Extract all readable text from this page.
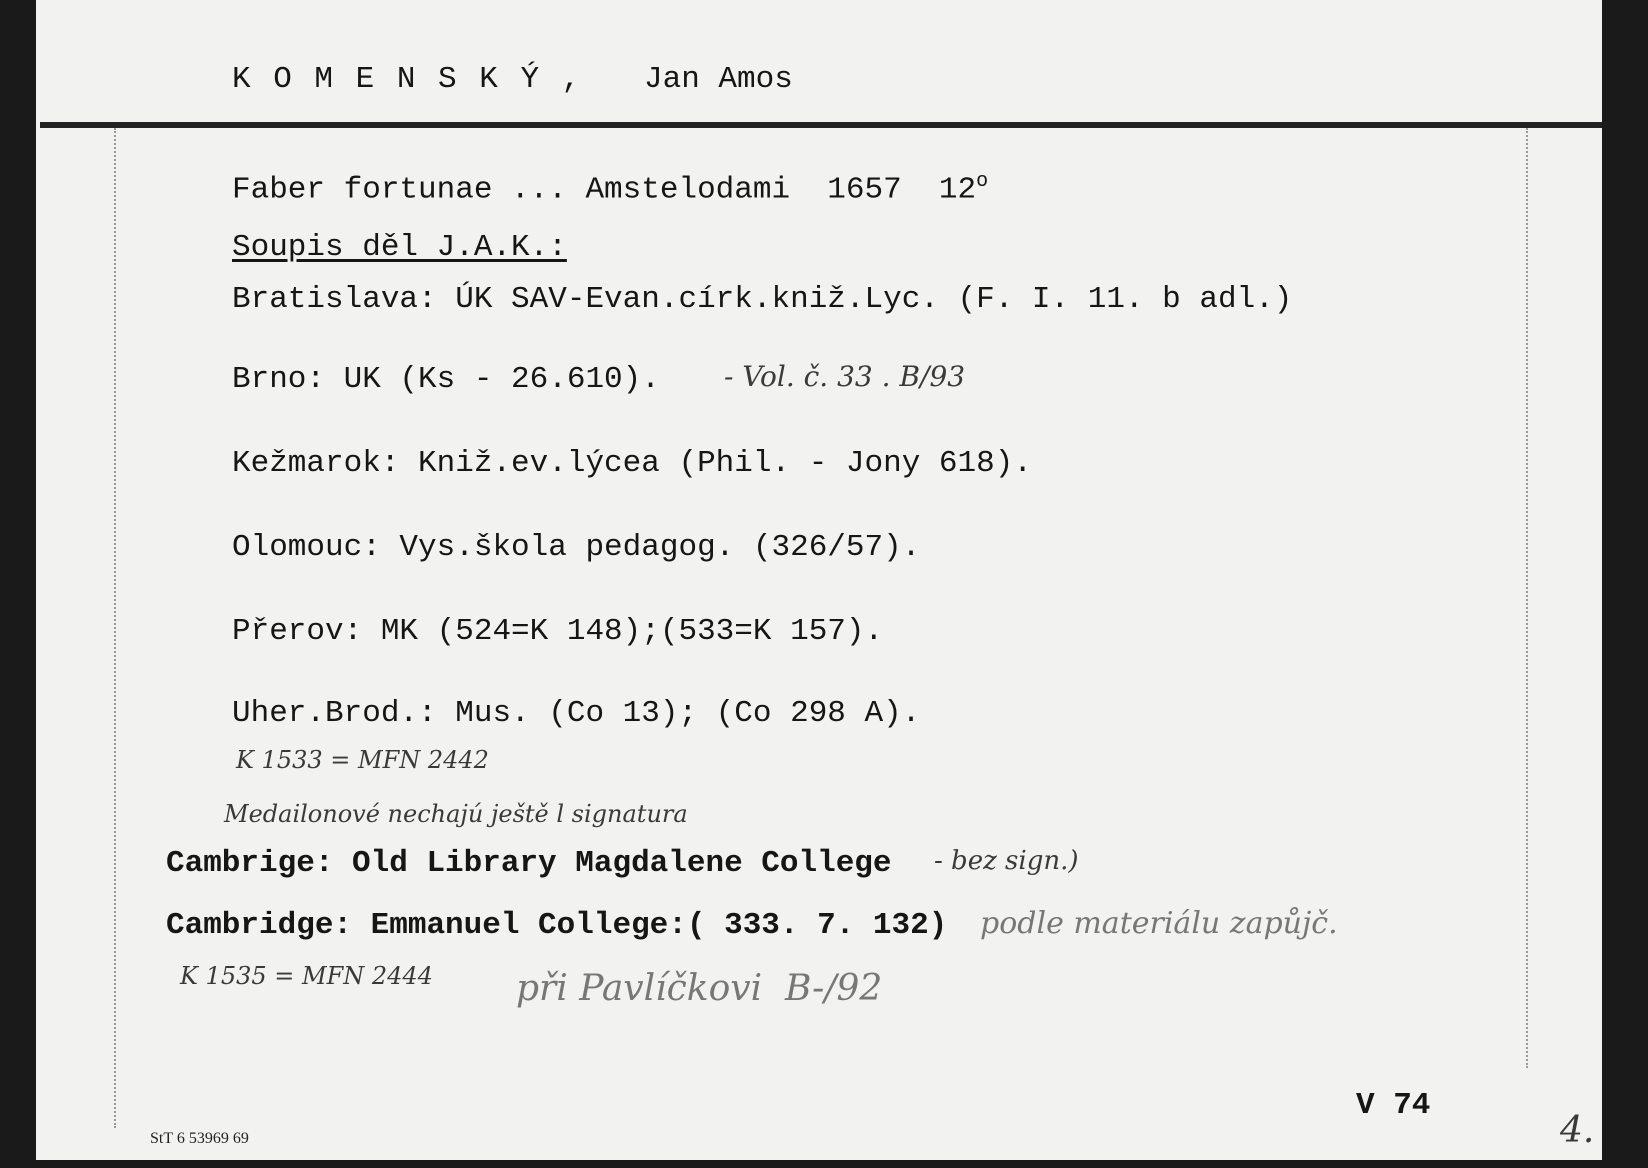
K O M E N S K Ý , Jan Amos
Faber fortunae ... Amstelodami  1657  12$^o$
Soupis děl J.A.K.:
Bratislava: ÚK SAV-Evan.círk.kniž.Lyc. (F. I. 11. b adl.)
Brno: UK (Ks - 26.610). - Vol. č. 33 . B/93
Kežmarok: Kniž.ev.lýcea (Phil. - Jony 618).
Olomouc: Vys.škola pedagog. (326/57).
Přerov: MK (524=K 148);(533=K 157).
Uher.Brod.: Mus. (Co 13); (Co 298 A).
K 1533 = MFN 2442
Medailonové nechajú ještě l signatura
Cambrige: Old Library Magdalene College - bez sign.)
Cambridge: Emmanuel College:( 333. 7. 132) podle materiálu zapůjč.
K 1535 = MFN 2444 při Pavlíčkovi  B-/92
V 74
StT 6 53969 69	4.
